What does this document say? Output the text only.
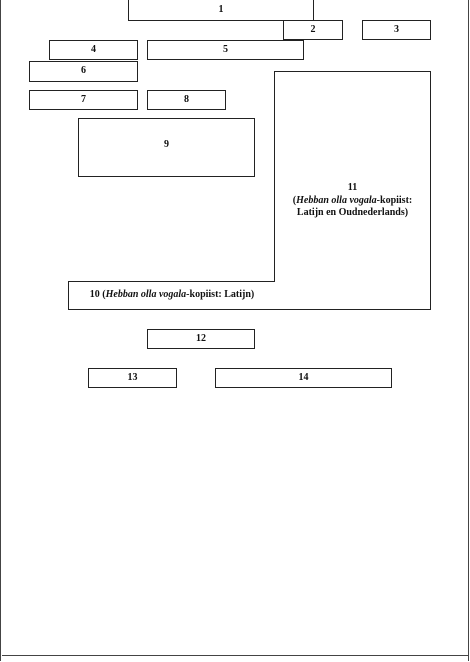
1
2	3
4	5
6
7	8
9
11
(Hebban olla vogala-kopiist:
Latijn en Oudnederlands)
10 (Hebban olla vogala-kopiist: Latijn)
12
13	14
